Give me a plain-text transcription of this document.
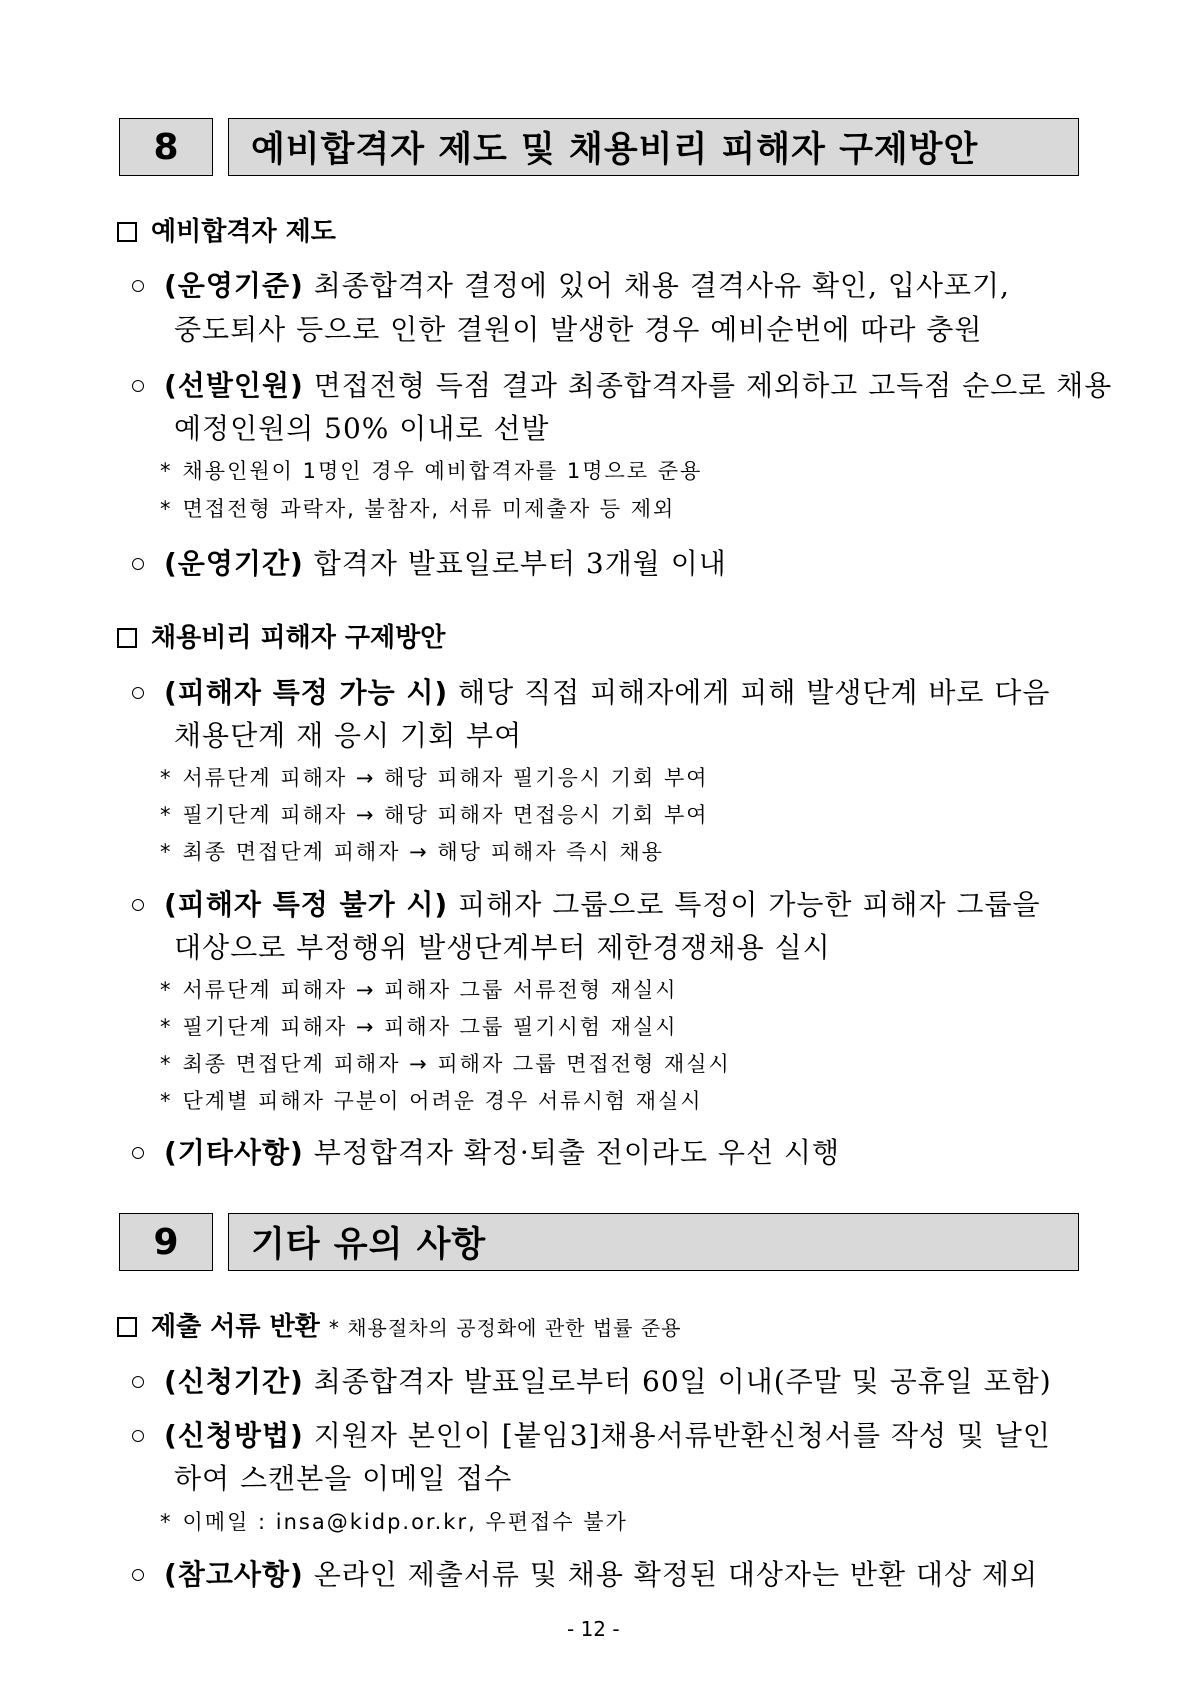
8 예비합격자 제도 및 채용비리 피해자 구제방안
예비합격자 제도
(운영기준) 최종합격자 결정에 있어 채용 결격사유 확인, 입사포기,
중도퇴사 등으로 인한 결원이 발생한 경우 예비순번에 따라 충원
(선발인원) 면접전형 득점 결과 최종합격자를 제외하고 고득점 순으로 채용
예정인원의 50% 이내로 선발
* 채용인원이 1명인 경우 예비합격자를 1명으로 준용
* 면접전형 과락자, 불참자, 서류 미제출자 등 제외
(운영기간) 합격자 발표일로부터 3개월 이내
채용비리 피해자 구제방안
(피해자 특정 가능 시) 해당 직접 피해자에게 피해 발생단계 바로 다음
채용단계 재 응시 기회 부여
* 서류단계 피해자 → 해당 피해자 필기응시 기회 부여
* 필기단계 피해자 → 해당 피해자 면접응시 기회 부여
* 최종 면접단계 피해자 → 해당 피해자 즉시 채용
(피해자 특정 불가 시) 피해자 그룹으로 특정이 가능한 피해자 그룹을
대상으로 부정행위 발생단계부터 제한경쟁채용 실시
* 서류단계 피해자 → 피해자 그룹 서류전형 재실시
* 필기단계 피해자 → 피해자 그룹 필기시험 재실시
* 최종 면접단계 피해자 → 피해자 그룹 면접전형 재실시
* 단계별 피해자 구분이 어려운 경우 서류시험 재실시
(기타사항) 부정합격자 확정·퇴출 전이라도 우선 시행
9 기타 유의 사항
제출 서류 반환 * 채용절차의 공정화에 관한 법률 준용
(신청기간) 최종합격자 발표일로부터 60일 이내(주말 및 공휴일 포함)
(신청방법) 지원자 본인이 [붙임3]채용서류반환신청서를 작성 및 날인
하여 스캔본을 이메일 접수
* 이메일 : insa@kidp.or.kr, 우편접수 불가
(참고사항) 온라인 제출서류 및 채용 확정된 대상자는 반환 대상 제외
- 12 -
